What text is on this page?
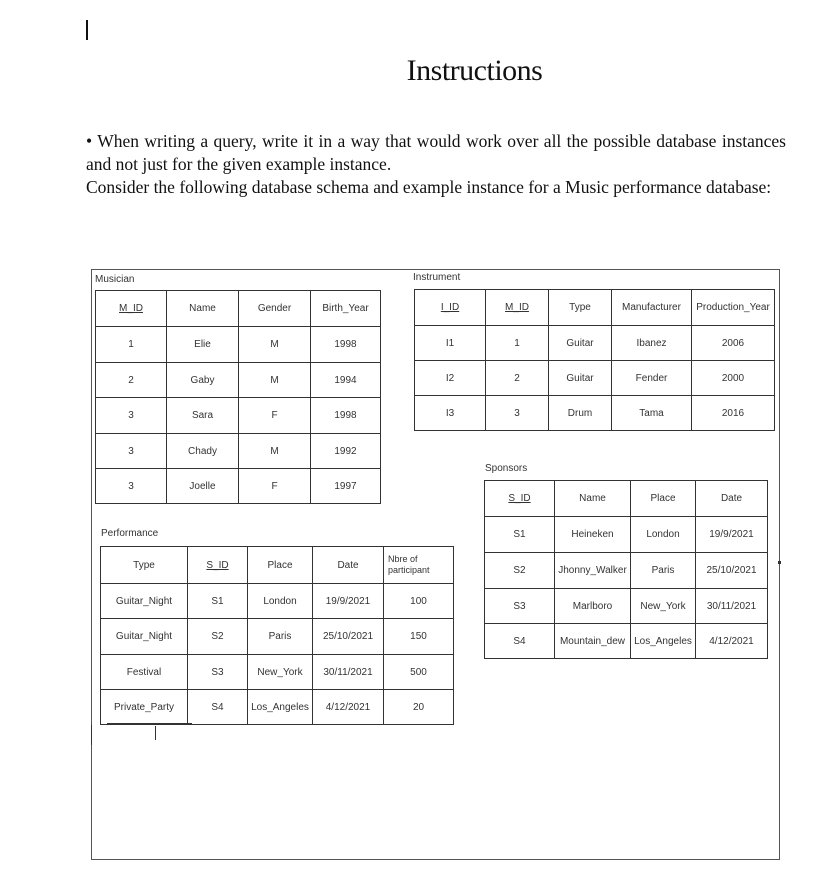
Instructions

• When writing a query, write it in a way that would work over all the possible database instances and not just for the given example instance.

Consider the following database schema and example instance for a Music performance database:

Musician
M_ID	Name	Gender	Birth_Year
1	Elie	M	1998
2	Gaby	M	1994
3	Sara	F	1998
3	Chady	M	1992
3	Joelle	F	1997
Instrument
I_ID	M_ID	Type	Manufacturer	Production_Year
I1	1	Guitar	Ibanez	2006
I2	2	Guitar	Fender	2000
I3	3	Drum	Tama	2016
Sponsors
S_ID	Name	Place	Date
S1	Heineken	London	19/9/2021
S2	Jhonny_Walker	Paris	25/10/2021
S3	Marlboro	New_York	30/11/2021
S4	Mountain_dew	Los_Angeles	4/12/2021
Performance
Type	S_ID	Place	Date	Nbre of participant
Guitar_Night	S1	London	19/9/2021	100
Guitar_Night	S2	Paris	25/10/2021	150
Festival	S3	New_York	30/11/2021	500
Private_Party	S4	Los_Angeles	4/12/2021	20
